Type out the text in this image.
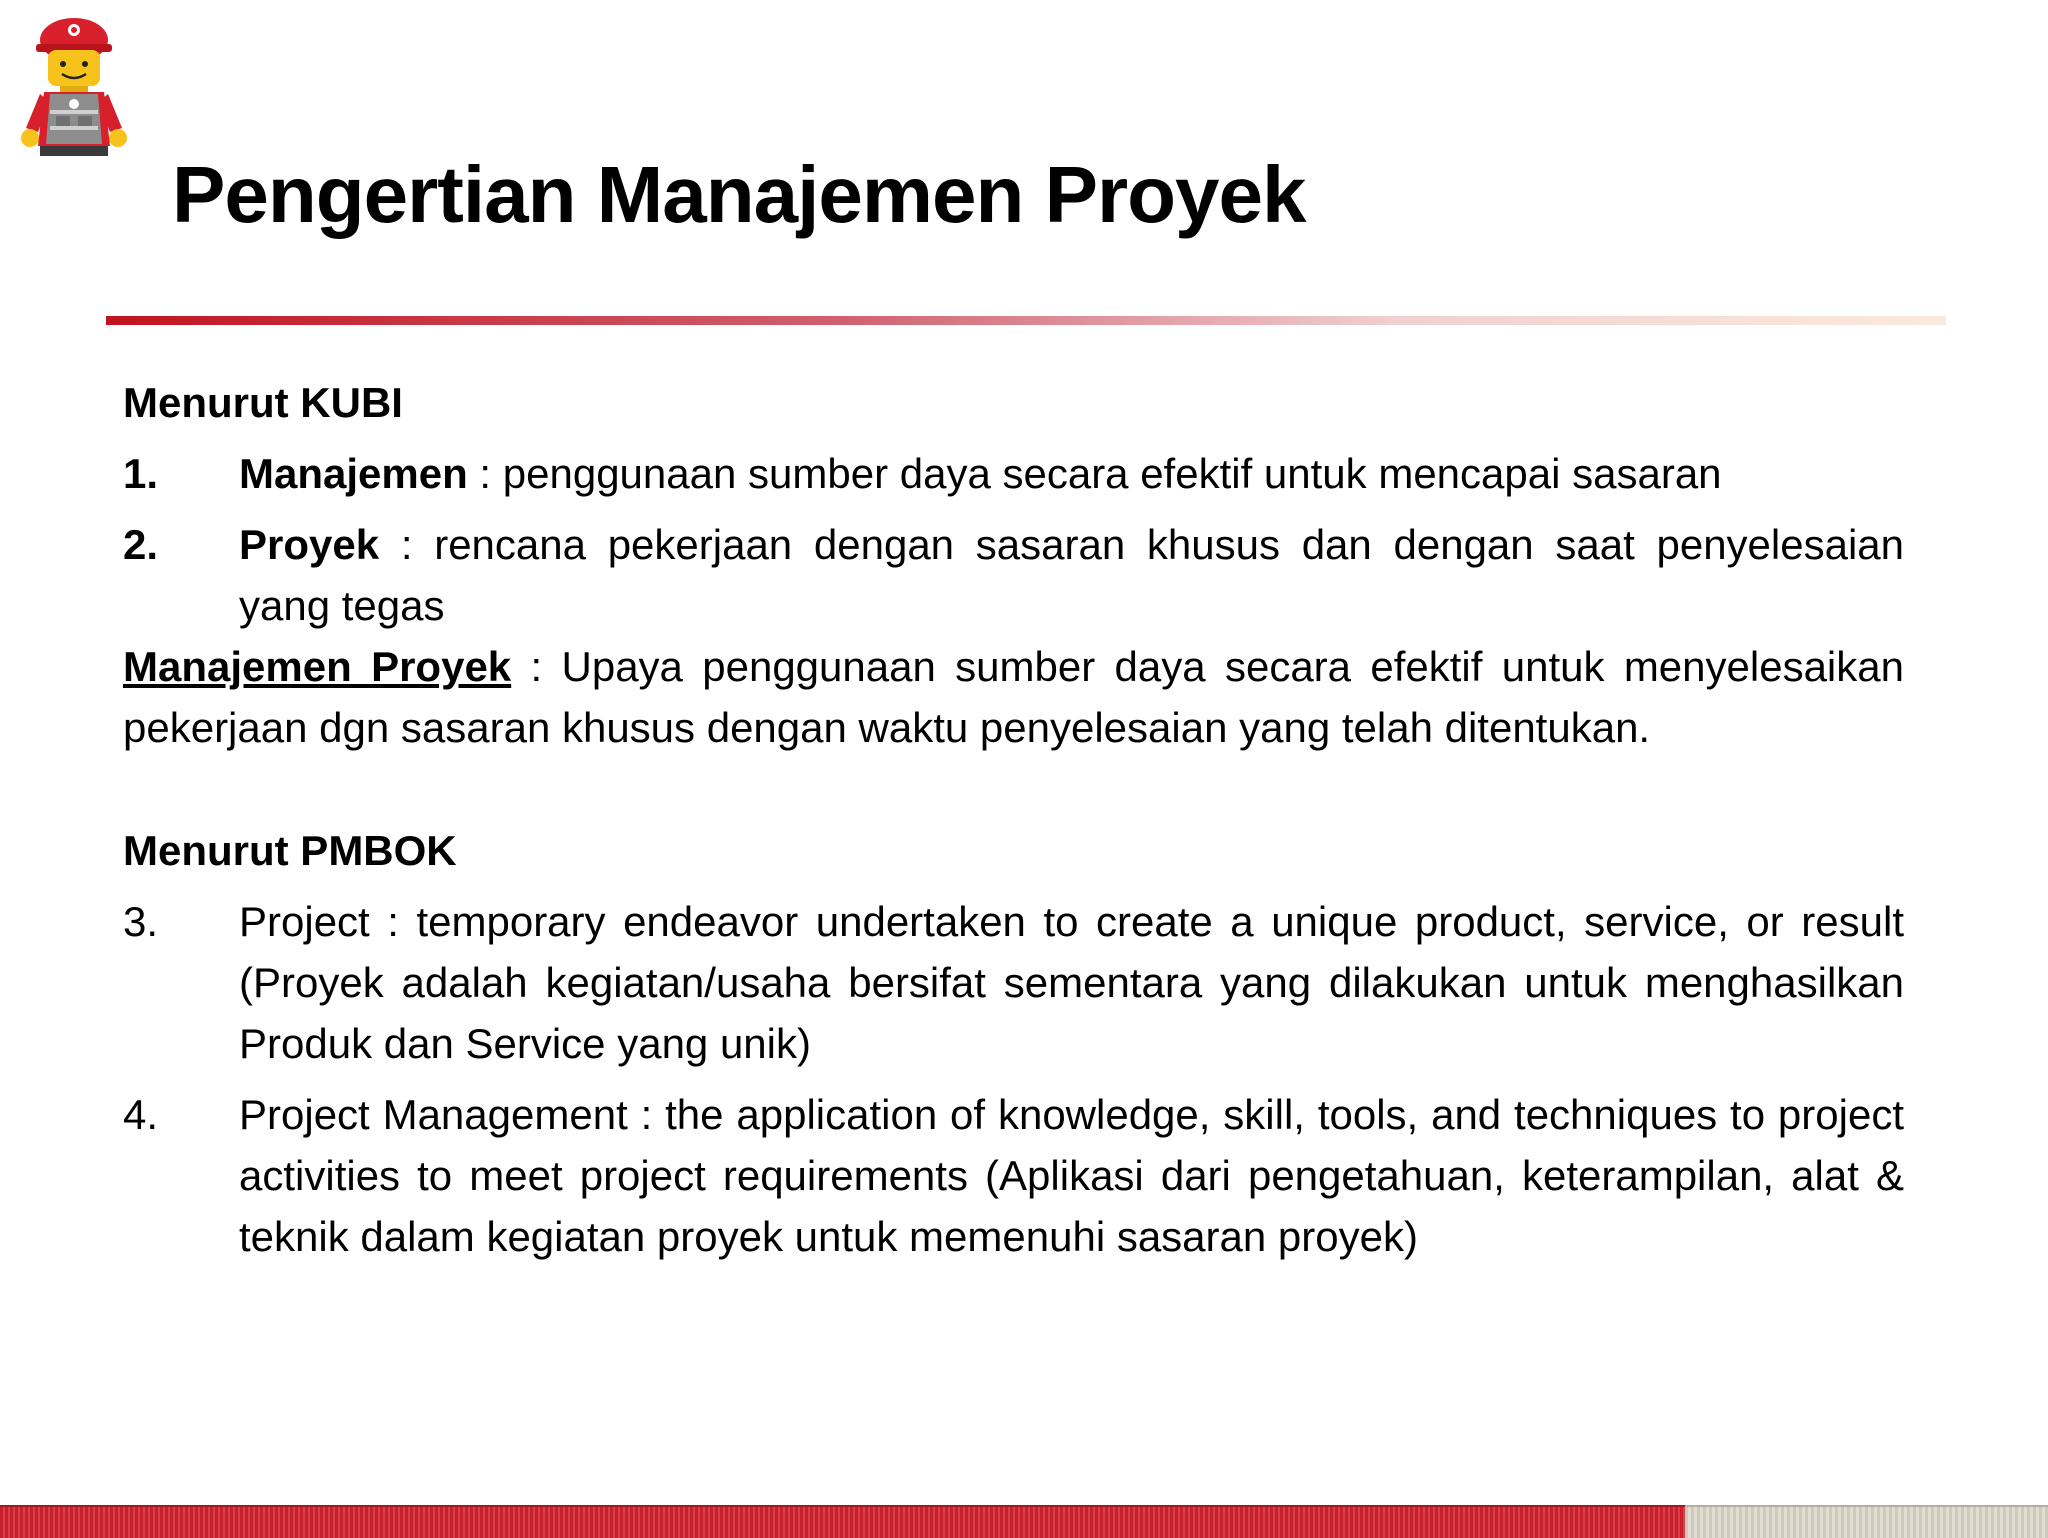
Pengertian Manajemen Proyek

Menurut KUBI

1.	Manajemen : penggunaan sumber daya secara efektif untuk mencapai sasaran
2.	Proyek : rencana pekerjaan dengan sasaran khusus dan dengan saat penyelesaian yang tegas

Manajemen Proyek : Upaya penggunaan sumber daya secara efektif untuk menyelesaikan pekerjaan dgn sasaran khusus dengan waktu penyelesaian yang telah ditentukan.

Menurut PMBOK

3.	Project : temporary endeavor undertaken to create a unique product, service, or result (Proyek adalah kegiatan/usaha bersifat sementara yang dilakukan untuk menghasilkan Produk dan Service yang unik)
4.	Project Management : the application of knowledge, skill, tools, and techniques to project activities to meet project requirements (Aplikasi dari pengetahuan, keterampilan, alat & teknik dalam kegiatan proyek untuk memenuhi sasaran proyek)
